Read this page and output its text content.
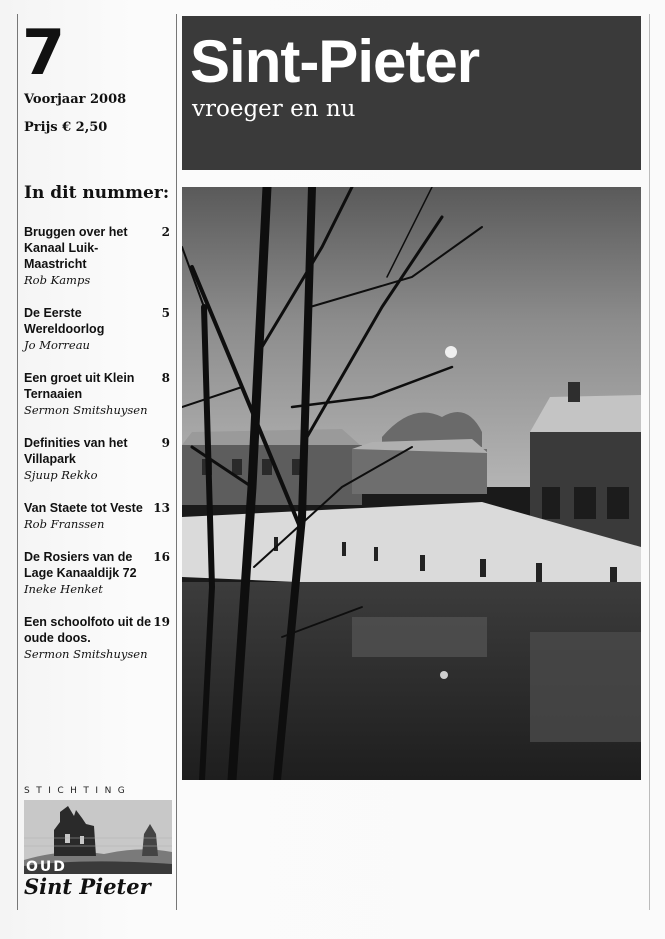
7
Voorjaar 2008
Prijs € 2,50
In dit nummer:
Bruggen over het Kanaal Luik-Maastricht
2
Rob Kamps
De Eerste Wereldoorlog
5
Jo Morreau
Een groet uit Klein Ternaaien
8
Sermon Smitshuysen
Definities van het Villapark
9
Sjuup Rekko
Van Staete tot Veste 13
Rob Franssen
De Rosiers van de Lage Kanaaldijk 72
16
Ineke Henket
Een schoolfoto uit de oude doos.
19
Sermon Smitshuysen
Sint-Pieter
vroeger en nu
STICHTING
OUD
Sint Pieter
